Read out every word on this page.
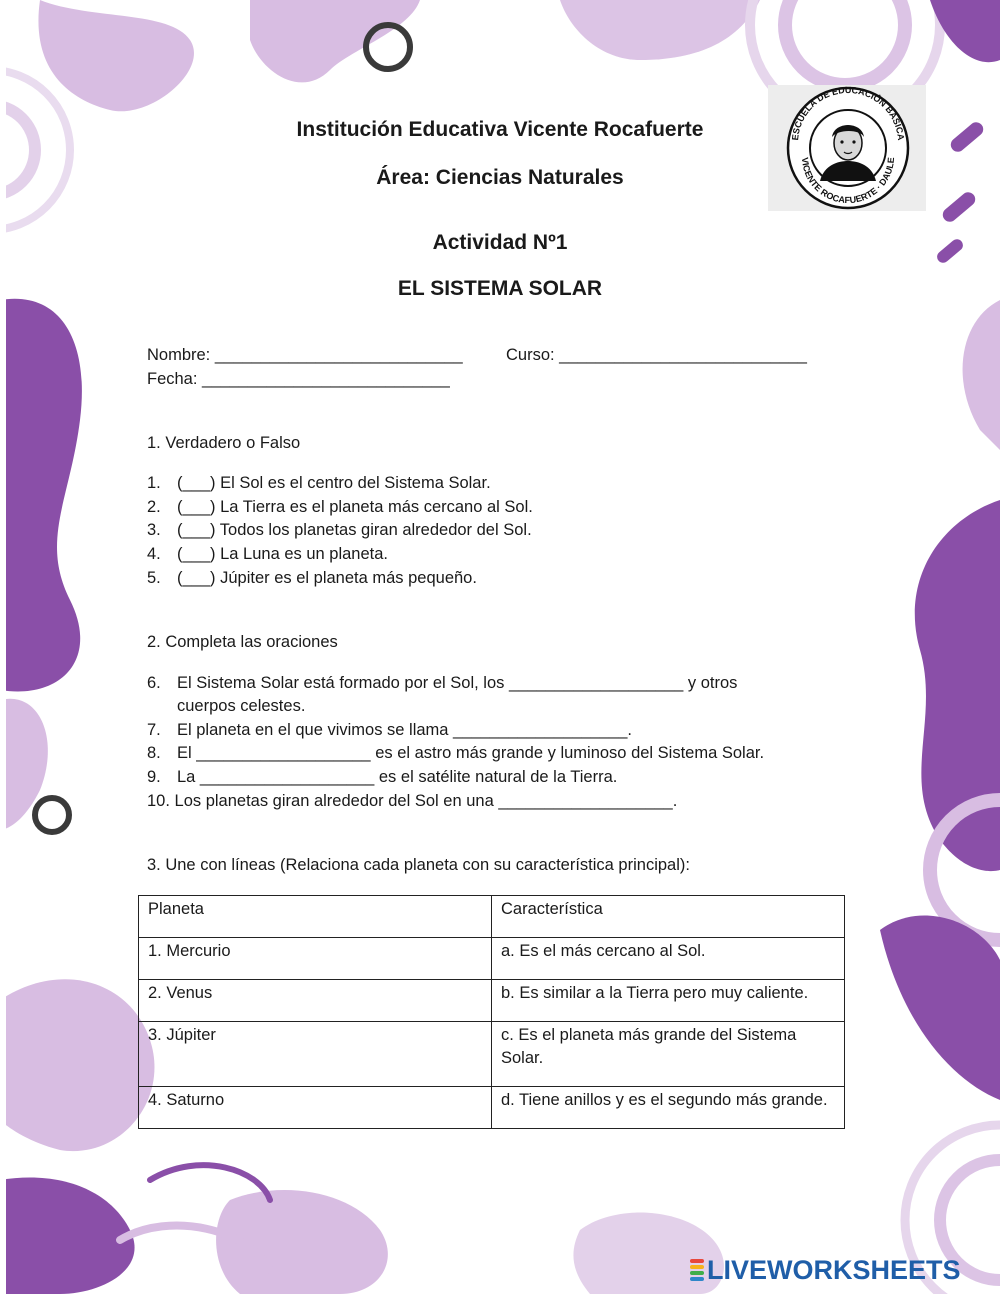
Institución Educativa Vicente Rocafuerte
Área: Ciencias Naturales
Actividad Nº1
EL SISTEMA SOLAR
ESCUELA DE EDUCACIÓN BÁSICA
VICENTE ROCAFUERTE · DAULE
Nombre: ___________________________	Curso: ___________________________
Fecha: ___________________________
1. Verdadero o Falso
1. (___) El Sol es el centro del Sistema Solar.
2. (___) La Tierra es el planeta más cercano al Sol.
3. (___) Todos los planetas giran alrededor del Sol.
4. (___) La Luna es un planeta.
5. (___) Júpiter es el planeta más pequeño.
2. Completa las oraciones
6. El Sistema Solar está formado por el Sol, los ___________________ y otros
cuerpos celestes.
7. El planeta en el que vivimos se llama ___________________.
8. El ___________________ es el astro más grande y luminoso del Sistema Solar.
9. La ___________________ es el satélite natural de la Tierra.
10. Los planetas giran alrededor del Sol en una ___________________.
3. Une con líneas (Relaciona cada planeta con su característica principal):
Planeta	Característica
1. Mercurio	a. Es el más cercano al Sol.
2. Venus	b. Es similar a la Tierra pero muy caliente.
3. Júpiter	c. Es el planeta más grande del Sistema Solar.
4. Saturno	d. Tiene anillos y es el segundo más grande.
LIVEWORKSHEETS
